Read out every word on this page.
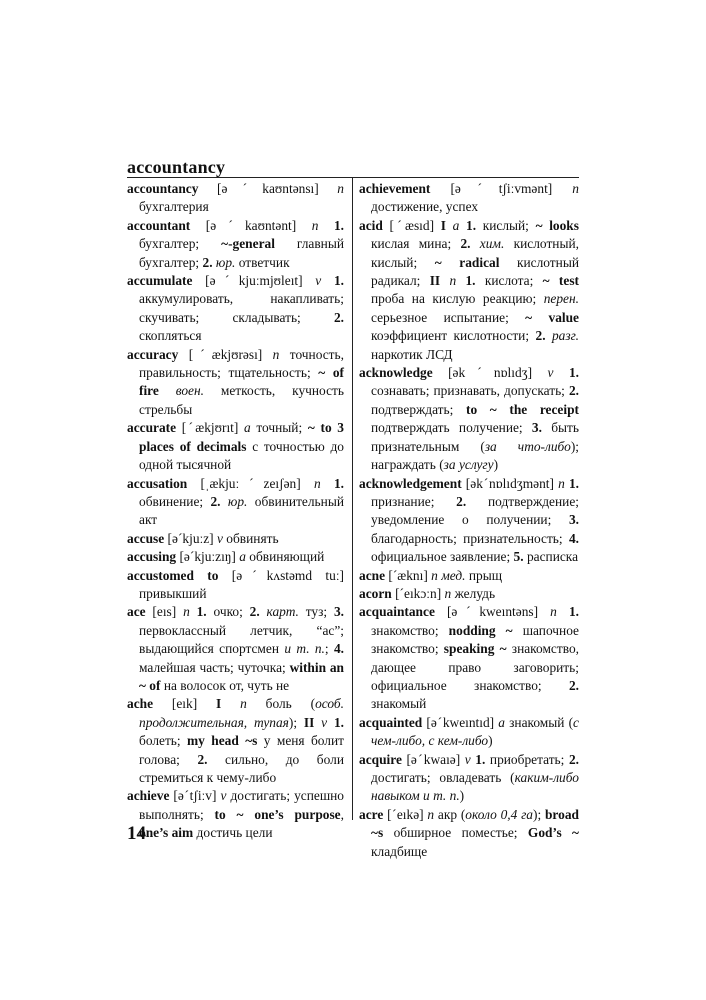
accountancy

accountancy [əˊkaʊntənsı] n бухгалтерия

accountant [əˊkaʊntənt] n 1. бухгалтер; ~-general главный бухгалтер; 2. юр. ответчик

accumulate [əˊkjuːmjʊleıt] v 1. аккумулировать, накапливать; скучивать; складывать; 2. скопляться

accuracy [ˊækjʊrəsı] n точность, правильность; тщательность; ~ of fire воен. меткость, кучность стрельбы

accurate [ˊækjʊrıt] a точный; ~ to 3 places of decimals с точностью до одной тысячной

accusation [ˌækjuːˊzeıʃən] n 1. обвинение; 2. юр. обвинительный акт

accuse [əˊkjuːz] v обвинять

accusing [əˊkjuːzıŋ] a обвиняющий

accustomed to [əˊkʌstəmd tuː] привыкший

ace [eıs] n 1. очко; 2. карт. туз; 3. первоклассный летчик, “ас”; выдающийся спортсмен и т. п.; 4. малейшая часть; чуточка; within an ~ of на волосок от, чуть не

ache [eık] I n боль (особ. продолжительная, тупая); II v 1. болеть; my head ~s у меня болит голова; 2. сильно, до боли стремиться к чему-либо

achieve [əˊtʃiːv] v достигать; успешно выполнять; to ~ one’s purpose, one’s aim достичь цели

achievement [əˊtʃiːvmənt] n достижение, успех

acid [ˊæsıd] I a 1. кислый; ~ looks кислая мина; 2. хим. кислотный, кислый; ~ radical кислотный радикал; II n 1. кислота; ~ test проба на кислую реакцию; перен. серьезное испытание; ~ value коэффициент кислотности; 2. разг. наркотик ЛСД

acknowledge [əkˊnɒlıdʒ] v 1. сознавать; признавать, допускать; 2. подтверждать; to ~ the receipt подтверждать получение; 3. быть признательным (за что-либо); награждать (за услугу)

acknowledgement [əkˊnɒlıdʒmənt] n 1. признание; 2. подтверждение; уведомление о получении; 3. благодарность; признательность; 4. официальное заявление; 5. расписка

acne [ˊæknı] n мед. прыщ

acorn [ˊeıkɔːn] n желудь

acquaintance [əˊkweıntəns] n 1. знакомство; nodding ~ шапочное знакомство; speaking ~ знакомство, дающее право заговорить; официальное знакомство; 2. знакомый

acquainted [əˊkweıntıd] a знакомый (с чем-либо, с кем-либо)

acquire [əˊkwaıə] v 1. приобретать; 2. достигать; овладевать (каким-либо навыком и т. п.)

acre [ˊeıkə] n акр (около 0,4 га); broad ~s обширное поместье; God’s ~ кладбище

14
